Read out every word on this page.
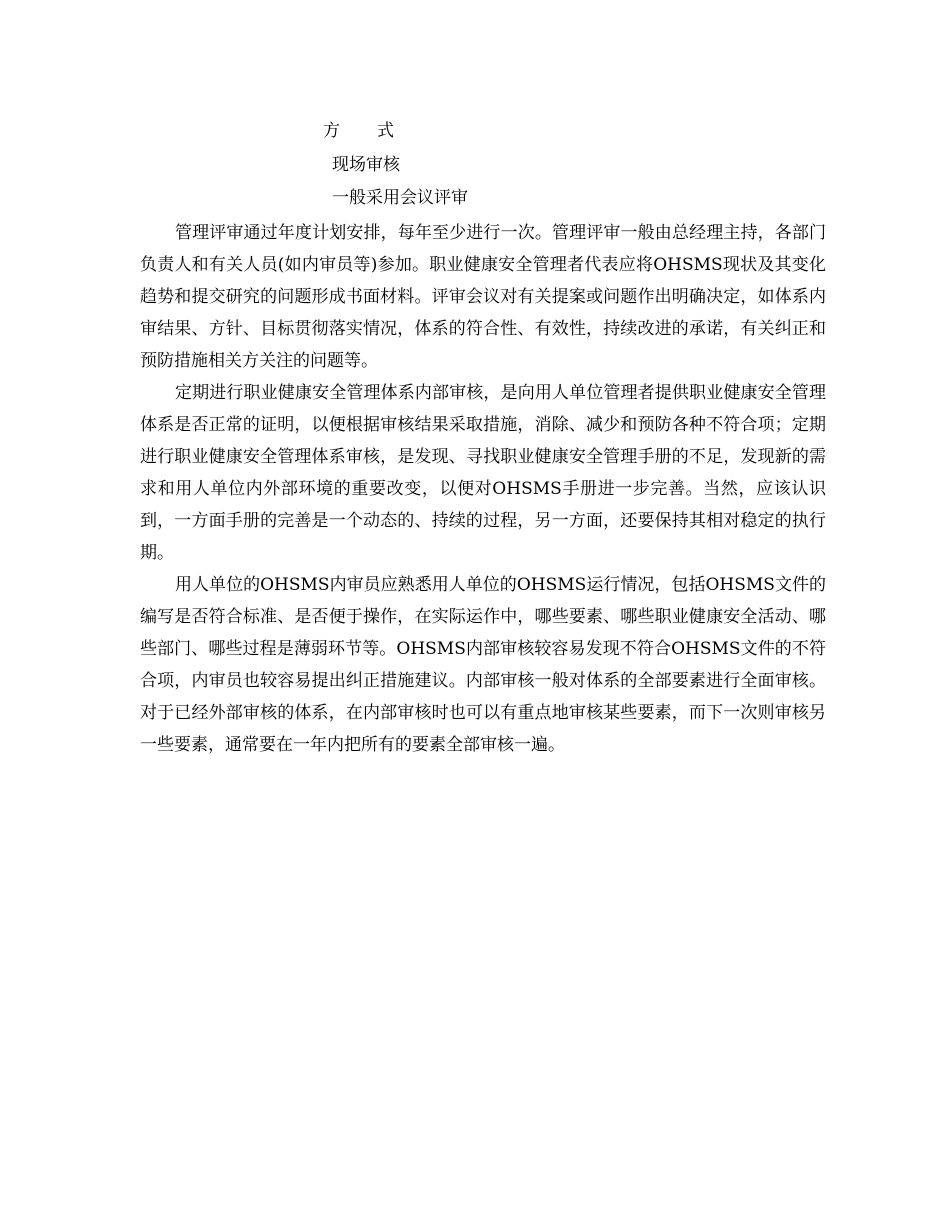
方　　式
现场审核
一般采用会议评审

管理评审通过年度计划安排，每年至少进行一次。管理评审一般由总经理主持，各部门负责人和有关人员(如内审员等)参加。职业健康安全管理者代表应将OHSMS现状及其变化趋势和提交研究的问题形成书面材料。评审会议对有关提案或问题作出明确决定，如体系内审结果、方针、目标贯彻落实情况，体系的符合性、有效性，持续改进的承诺，有关纠正和预防措施相关方关注的问题等。

定期进行职业健康安全管理体系内部审核，是向用人单位管理者提供职业健康安全管理体系是否正常的证明，以便根据审核结果采取措施，消除、减少和预防各种不符合项；定期进行职业健康安全管理体系审核，是发现、寻找职业健康安全管理手册的不足，发现新的需求和用人单位内外部环境的重要改变，以便对OHSMS手册进一步完善。当然，应该认识到，一方面手册的完善是一个动态的、持续的过程，另一方面，还要保持其相对稳定的执行期。

用人单位的OHSMS内审员应熟悉用人单位的OHSMS运行情况，包括OHSMS文件的编写是否符合标准、是否便于操作，在实际运作中，哪些要素、哪些职业健康安全活动、哪些部门、哪些过程是薄弱环节等。OHSMS内部审核较容易发现不符合OHSMS文件的不符合项，内审员也较容易提出纠正措施建议。内部审核一般对体系的全部要素进行全面审核。对于已经外部审核的体系，在内部审核时也可以有重点地审核某些要素，而下一次则审核另一些要素，通常要在一年内把所有的要素全部审核一遍。
